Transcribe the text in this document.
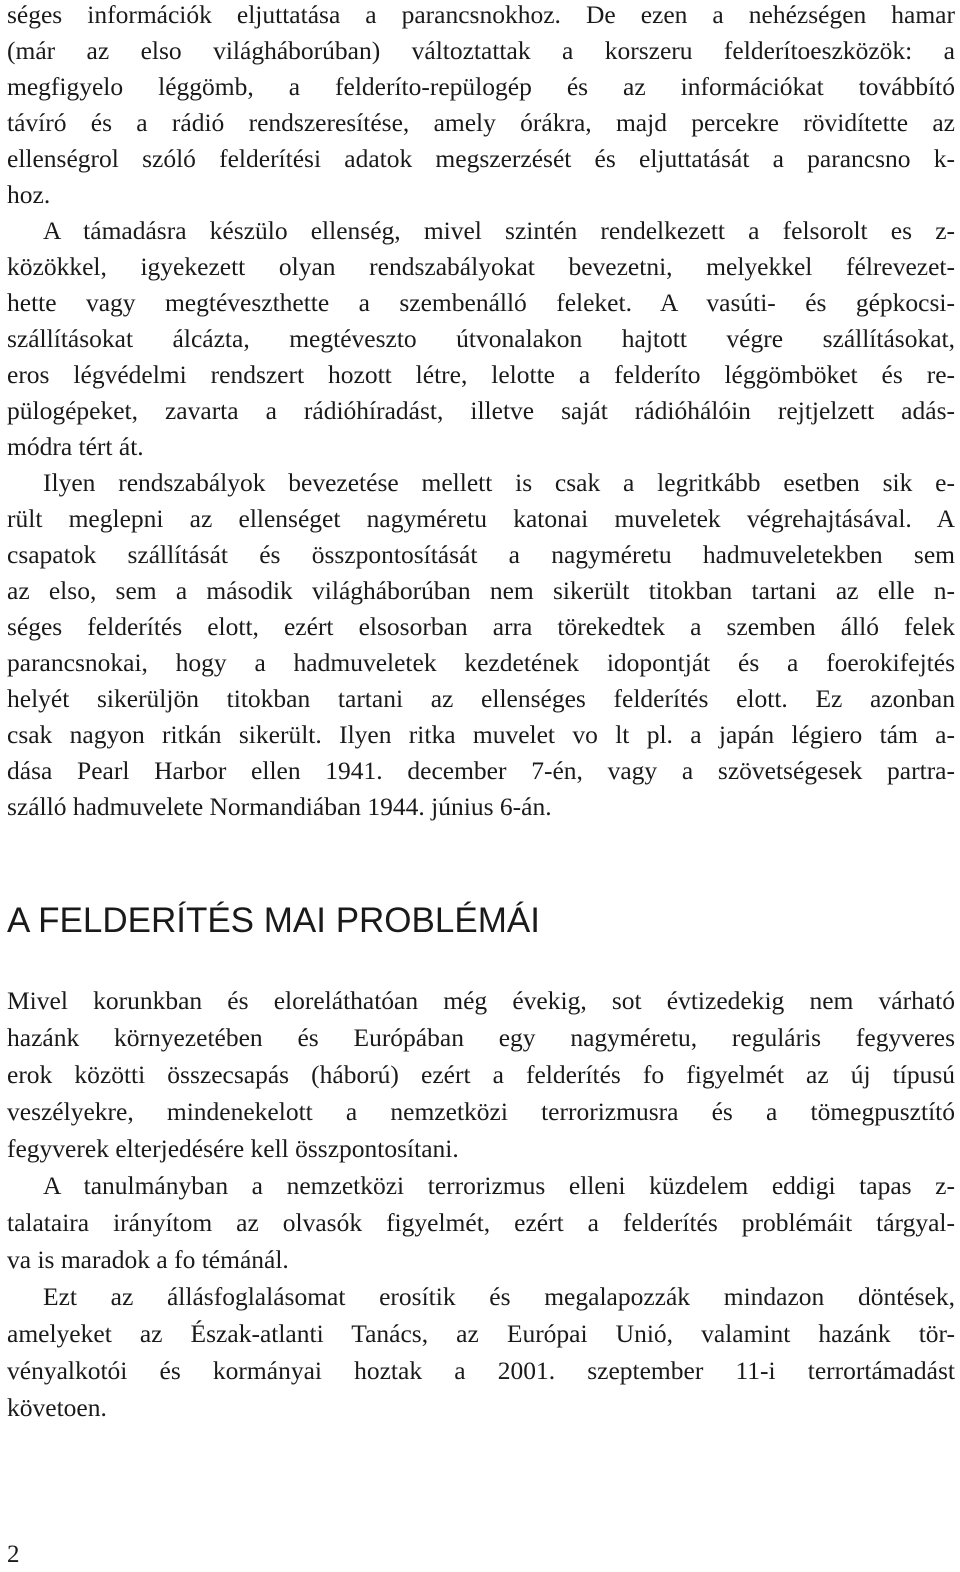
séges információk eljuttatása a parancsnokhoz. De ezen a nehézségen hamar
(már az elso világháborúban) változtattak a korszeru felderítoeszközök: a
megfigyelo léggömb, a felderíto-repülogép és az információkat továbbító
távíró és a rádió rendszeresítése, amely órákra, majd percekre rövidítette az
ellenségrol szóló felderítési adatok megszerzését és eljuttatását a parancsno k-
hoz.
A támadásra készülo ellenség, mivel szintén rendelkezett a felsorolt es z-
közökkel, igyekezett olyan rendszabályokat bevezetni, melyekkel félrevezet-
hette vagy megtéveszthette a szembenálló feleket. A vasúti- és gépkocsi-
szállításokat álcázta, megtéveszto útvonalakon hajtott végre szállításokat,
eros légvédelmi rendszert hozott létre, lelotte a felderíto léggömböket és re-
pülogépeket, zavarta a rádióhíradást, illetve saját rádióhálóin rejtjelzett adás-
módra tért át.
Ilyen rendszabályok bevezetése mellett is csak a legritkább esetben sik e-
rült meglepni az ellenséget nagyméretu katonai muveletek végrehajtásával. A
csapatok szállítását és összpontosítását a nagyméretu hadmuveletekben sem
az elso, sem a második világháborúban nem sikerült titokban tartani az elle n-
séges felderítés elott, ezért elsosorban arra törekedtek a szemben álló felek
parancsnokai, hogy a hadmuveletek kezdetének idopontját és a foerokifejtés
helyét sikerüljön titokban tartani az ellenséges felderítés elott. Ez azonban
csak nagyon ritkán sikerült. Ilyen ritka muvelet vo lt pl. a japán légiero tám a-
dása Pearl Harbor ellen 1941. december 7-én, vagy a szövetségesek partra-
szálló hadmuvelete Normandiában 1944. június 6-án.
A FELDERÍTÉS MAI PROBLÉMÁI
Mivel korunkban és eloreláthatóan még évekig, sot évtizedekig nem várható
hazánk környezetében és Európában egy nagyméretu, reguláris fegyveres
erok közötti összecsapás (háború) ezért a felderítés fo figyelmét az új típusú
veszélyekre, mindenekelott a nemzetközi terrorizmusra és a tömegpusztító
fegyverek elterjedésére kell összpontosítani.
A tanulmányban a nemzetközi terrorizmus elleni küzdelem eddigi tapas z-
talataira irányítom az olvasók figyelmét, ezért a felderítés problémáit tárgyal-
va is maradok a fo témánál.
Ezt az állásfoglalásomat erosítik és megalapozzák mindazon döntések,
amelyeket az Észak-atlanti Tanács, az Európai Unió, valamint hazánk tör-
vényalkotói és kormányai hoztak a 2001. szeptember 11-i terrortámadást
követoen.
2
